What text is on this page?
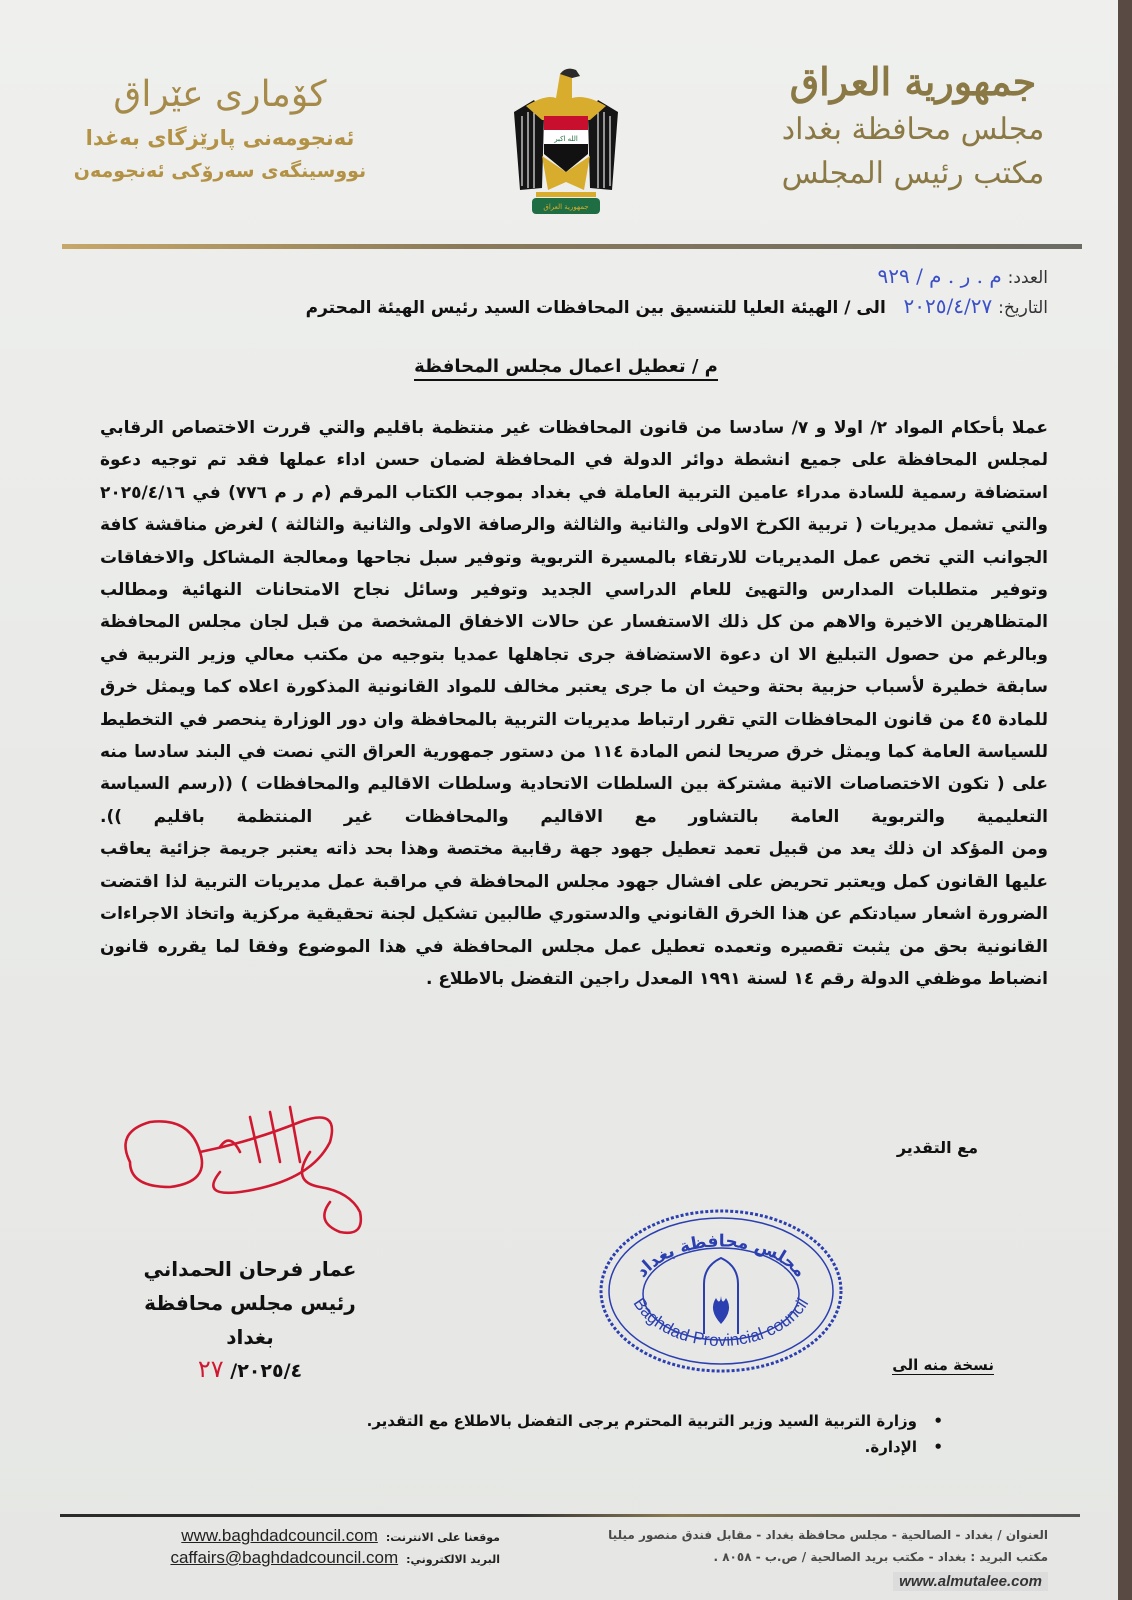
جمهورية العراق
مجلس محافظة بغداد
مكتب رئيس المجلس
كۆماری عێراق
ئەنجومەنی پارێزگای بەغدا
نووسینگەی سەرۆكی ئەنجومەن
الله اكبر
جمهورية العراق
العدد: م . ر . م / ٩٢٩
التاريخ: ٢٠٢٥/٤/٢٧   الى / الهيئة العليا للتنسيق بين المحافظات السيد رئيس الهيئة المحترم
م / تعطيل اعمال مجلس المحافظة

عملا بأحكام المواد ٢/ اولا و ٧/ سادسا من قانون المحافظات غير منتظمة باقليم والتي قررت الاختصاص الرقابي لمجلس المحافظة على جميع انشطة دوائر الدولة في المحافظة لضمان حسن اداء عملها فقد تم توجيه دعوة استضافة رسمية للسادة مدراء عامين التربية العاملة في بغداد بموجب الكتاب المرقم (م ر م ٧٧٦) في ٢٠٢٥/٤/١٦ والتي تشمل مديريات ( تربية الكرخ الاولى والثانية والثالثة والرصافة الاولى والثانية والثالثة ) لغرض مناقشة كافة الجوانب التي تخص عمل المديريات للارتقاء بالمسيرة التربوية وتوفير سبل نجاحها ومعالجة المشاكل والاخفاقات وتوفير متطلبات المدارس والتهيئ للعام الدراسي الجديد وتوفير وسائل نجاح الامتحانات النهائية ومطالب المتظاهرين الاخيرة والاهم من كل ذلك الاستفسار عن حالات الاخفاق المشخصة من قبل لجان مجلس المحافظة وبالرغم من حصول التبليغ الا ان دعوة الاستضافة جرى تجاهلها عمديا بتوجيه من مكتب معالي وزير التربية في سابقة خطيرة لأسباب حزبية بحتة وحيث ان ما جرى يعتبر مخالف للمواد القانونية المذكورة اعلاه كما ويمثل خرق للمادة ٤٥ من قانون المحافظات التي تقرر ارتباط مديريات التربية بالمحافظة وان دور الوزارة ينحصر في التخطيط للسياسة العامة كما ويمثل خرق صريحا لنص المادة ١١٤ من دستور جمهورية العراق التي نصت في البند سادسا منه على ( تكون الاختصاصات الاتية مشتركة بين السلطات الاتحادية وسلطات الاقاليم والمحافظات ) ((رسم السياسة التعليمية والتربوية العامة بالتشاور مع الاقاليم والمحافظات غير المنتظمة باقليم )).

ومن المؤكد ان ذلك يعد من قبيل تعمد تعطيل جهود جهة رقابية مختصة وهذا بحد ذاته يعتبر جريمة جزائية يعاقب عليها القانون كمل ويعتبر تحريض على افشال جهود مجلس المحافظة في مراقبة عمل مديريات التربية لذا اقتضت الضرورة اشعار سيادتكم عن هذا الخرق القانوني والدستوري طالبين تشكيل لجنة تحقيقية مركزية واتخاذ الاجراءات القانونية بحق من يثبت تقصيره وتعمده تعطيل عمل مجلس المحافظة في هذا الموضوع وفقا لما يقرره قانون انضباط موظفي الدولة رقم ١٤ لسنة ١٩٩١ المعدل راجين التفضل بالاطلاع .

مع التقدير
عمار فرحان الحمداني
رئيس مجلس محافظة بغداد
٢٠٢٥/٤/ ٢٧
مجلس محافظة بغداد
Baghdad Provincial council
نسخة منه الى
• وزارة التربية السيد وزير التربية المحترم يرجى التفضل بالاطلاع مع التقدير.
• الإدارة.
www.baghdadcouncil.com موقعنا على الانترنت:
caffairs@baghdadcouncil.com البريد الالكتروني:
العنوان / بغداد - الصالحية - مجلس محافظة بغداد - مقابل فندق منصور ميليا
مكتب البريد : بغداد - مكتب بريد الصالحية / ص.ب - ٨٠٥٨ .
www.almutalee.com
